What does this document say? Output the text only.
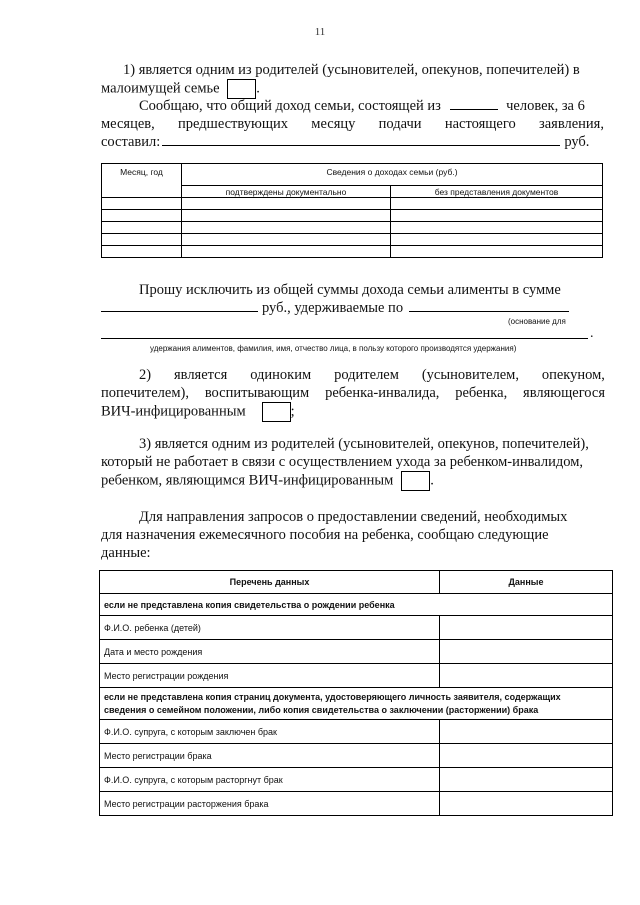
11
1) является одним из родителей (усыновителей, опекунов, попечителей) в
малоимущей семье	.
Сообщаю, что общий доход семьи, состоящей из	человек, за 6
месяцев, предшествующих месяцу подачи настоящего заявления,
составил:	руб.
Месяц, год	Сведения о доходах семьи (руб.)	
	подтверждены документально	без представления документов

Прошу исключить из общей суммы дохода семьи алименты в сумме
руб., удерживаемые по
(основание для
.
удержания алиментов, фамилия, имя, отчество лица, в пользу которого производятся удержания)
2) является одиноким родителем (усыновителем, опекуном,
попечителем), воспитывающим ребенка-инвалида, ребенка, являющегося
ВИЧ-инфицированным	;
3) является одним из родителей (усыновителей, опекунов, попечителей),
который не работает в связи с осуществлением ухода за ребенком-инвалидом,
ребенком, являющимся ВИЧ-инфицированным	.
Для направления запросов о предоставлении сведений, необходимых
для назначения ежемесячного пособия на ребенка, сообщаю следующие
данные:
Перечень данных	Данные
если не представлена копия свидетельства о рождении ребенка	
Ф.И.О. ребенка (детей)	
Дата и место рождения	
Место регистрации рождения	
если не представлена копия страниц документа, удостоверяющего личность заявителя, содержащих
сведения о семейном положении, либо копия свидетельства о заключении (расторжении) брака	
Ф.И.О. супруга, с которым заключен брак	
Место регистрации брака	
Ф.И.О. супруга, с которым расторгнут брак	
Место регистрации расторжения брака	
